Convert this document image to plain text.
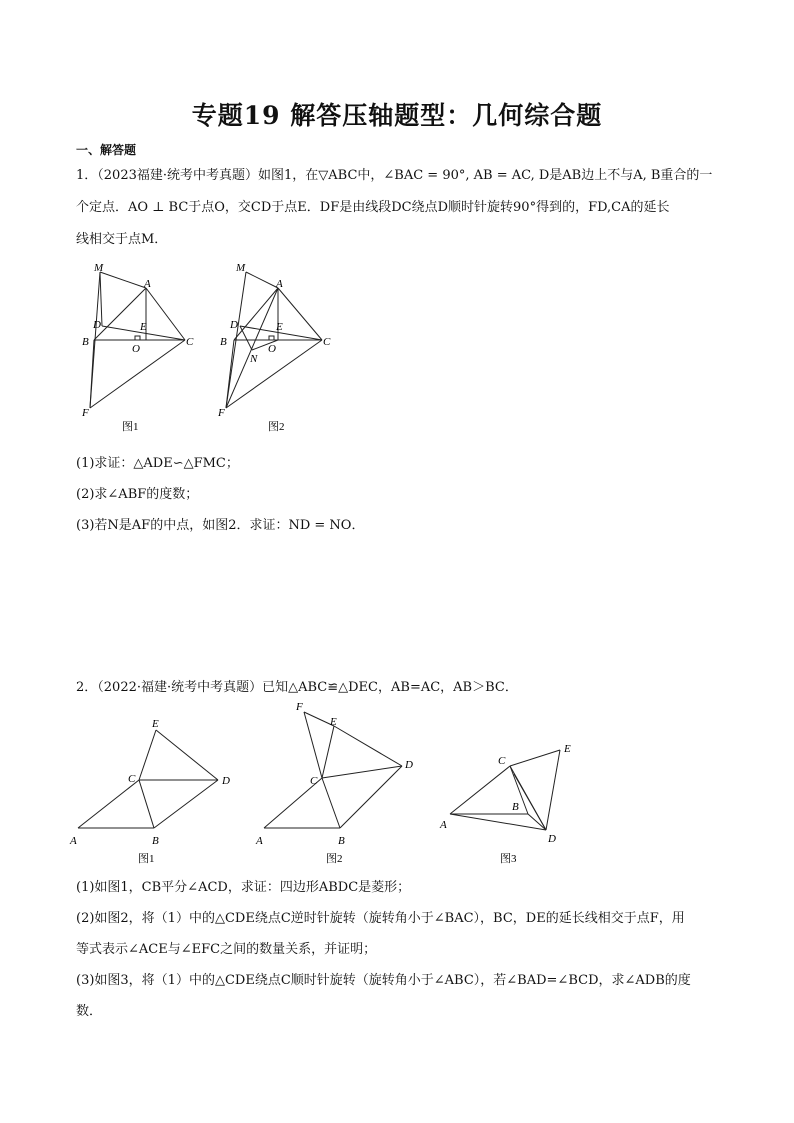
专题19 解答压轴题型：几何综合题
一、解答题
1．（2023福建·统考中考真题）如图1，在▽ABC中，∠BAC = 90°, AB = AC, D是AB边上不与A, B重合的一
个定点．AO ⊥ BC于点O，交CD于点E．DF是由线段DC绕点D顺时针旋转90°得到的，FD,CA的延长
线相交于点M．
M
A
D	E
B
O
C
F
图1
M
A
D	E
B
O
N
C
F
图2
(1)求证：△ADE∽△FMC；
(2)求∠ABF的度数；
(3)若N是AF的中点，如图2．求证：ND = NO．
2．（2022·福建·统考中考真题）已知△ABC≌△DEC，AB=AC，AB＞BC．
E
C	D
A	B
图1
F
E
C
D
A	B
图2
C
E
B
A
D
图3
(1)如图1，CB平分∠ACD，求证：四边形ABDC是菱形；
(2)如图2，将（1）中的△CDE绕点C逆时针旋转（旋转角小于∠BAC），BC，DE的延长线相交于点F，用
等式表示∠ACE与∠EFC之间的数量关系，并证明；
(3)如图3，将（1）中的△CDE绕点C顺时针旋转（旋转角小于∠ABC），若∠BAD=∠BCD，求∠ADB的度
数．
